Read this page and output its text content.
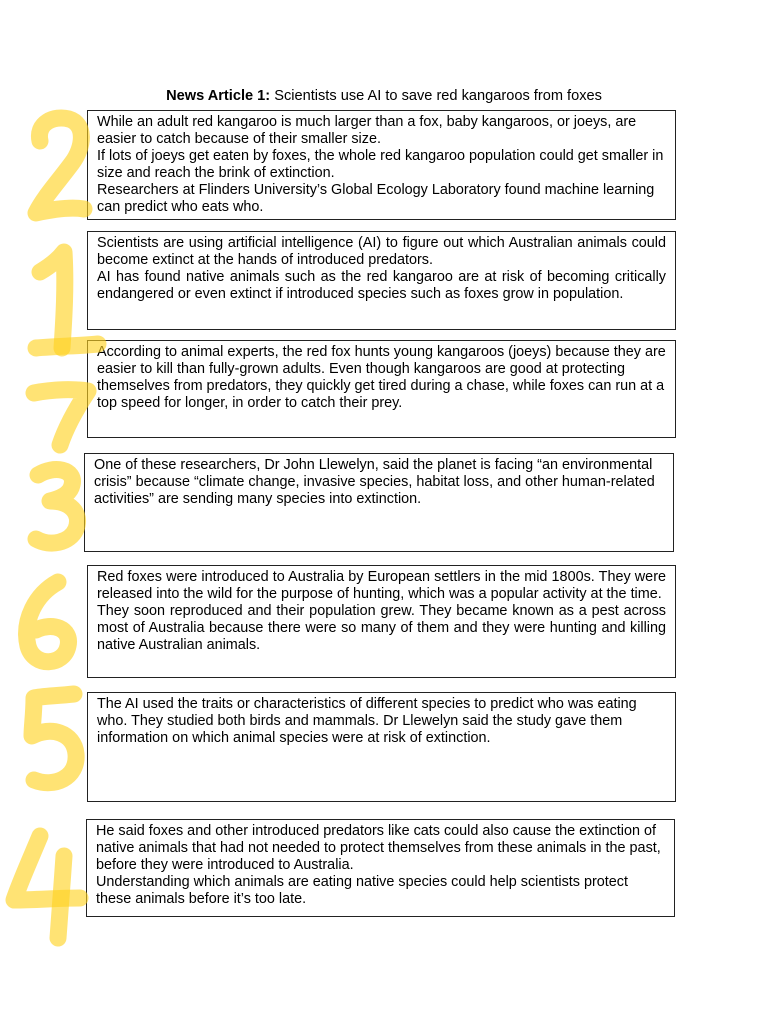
News Article 1: Scientists use AI to save red kangaroos from foxes

While an adult red kangaroo is much larger than a fox, baby kangaroos, or joeys, are easier to catch because of their smaller size.

If lots of joeys get eaten by foxes, the whole red kangaroo population could get smaller in size and reach the brink of extinction.

Researchers at Flinders University’s Global Ecology Laboratory found machine learning can predict who eats who.

Scientists are using artificial intelligence (AI) to figure out which Australian animals could become extinct at the hands of introduced predators.

AI has found native animals such as the red kangaroo are at risk of becoming critically endangered or even extinct if introduced species such as foxes grow in population.

According to animal experts, the red fox hunts young kangaroos (joeys) because they are easier to kill than fully-grown adults. Even though kangaroos are good at protecting themselves from predators, they quickly get tired during a chase, while foxes can run at a top speed for longer, in order to catch their prey.

One of these researchers, Dr John Llewelyn, said the planet is facing “an environmental crisis” because “climate change, invasive species, habitat loss, and other human-related activities” are sending many species into extinction.

Red foxes were introduced to Australia by European settlers in the mid 1800s. They were released into the wild for the purpose of hunting, which was a popular activity at the time.

They soon reproduced and their population grew. They became known as a pest across most of Australia because there were so many of them and they were hunting and killing native Australian animals.

The AI used the traits or characteristics of different species to predict who was eating who. They studied both birds and mammals. Dr Llewelyn said the study gave them information on which animal species were at risk of extinction.

He said foxes and other introduced predators like cats could also cause the extinction of native animals that had not needed to protect themselves from these animals in the past, before they were introduced to Australia.

Understanding which animals are eating native species could help scientists protect these animals before it’s too late.
